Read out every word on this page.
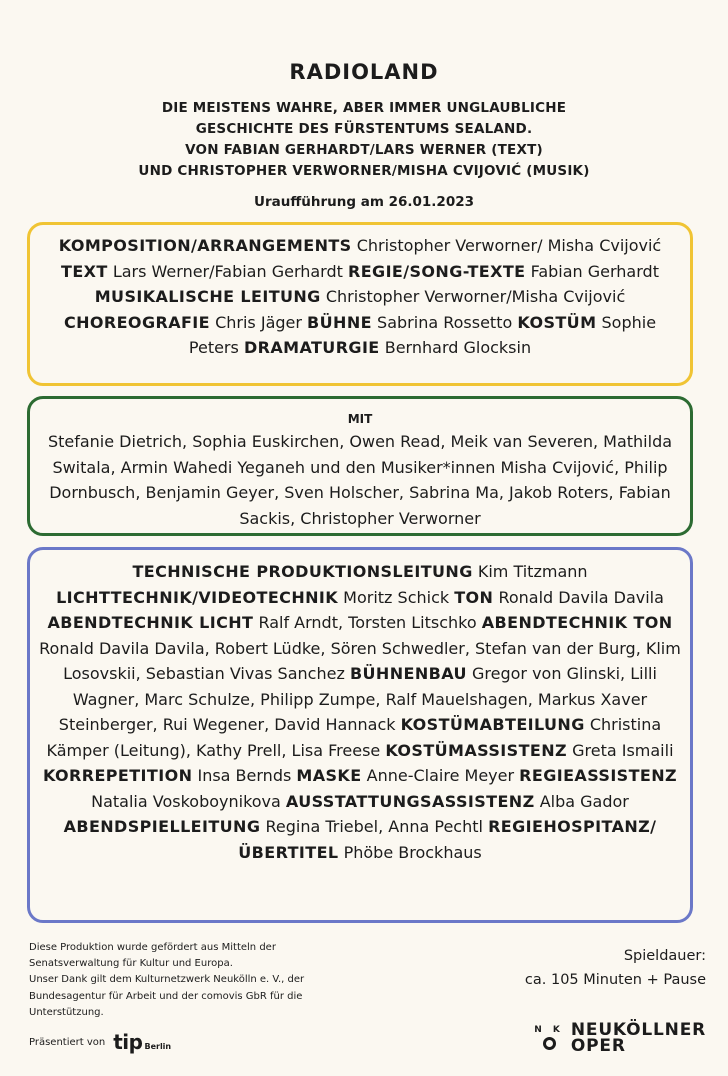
RADIOLAND
DIE MEISTENS WAHRE, ABER IMMER UNGLAUBLICHE
GESCHICHTE DES FÜRSTENTUMS SEALAND.
VON FABIAN GERHARDT/LARS WERNER (TEXT)
UND CHRISTOPHER VERWORNER/MISHA CVIJOVIĆ (MUSIK)
Uraufführung am 26.01.2023
KOMPOSITION/ARRANGEMENTS Christopher Verworner/ Misha Cvijović TEXT Lars Werner/Fabian Gerhardt REGIE/SONG-TEXTE Fabian Gerhardt MUSIKALISCHE LEITUNG Christopher Verworner/Misha Cvijović CHOREOGRAFIE Chris Jäger BÜHNE Sabrina Rossetto KOSTÜM Sophie Peters DRAMATURGIE Bernhard Glocksin
MIT
Stefanie Dietrich, Sophia Euskirchen, Owen Read, Meik van Severen, Mathilda Switala, Armin Wahedi Yeganeh und den Musiker*innen Misha Cvijović, Philip Dornbusch, Benjamin Geyer, Sven Holscher, Sabrina Ma, Jakob Roters, Fabian Sackis, Christopher Verworner
TECHNISCHE PRODUKTIONSLEITUNG Kim Titzmann LICHTTECHNIK/VIDEOTECHNIK Moritz Schick TON Ronald Davila Davila ABENDTECHNIK LICHT Ralf Arndt, Torsten Litschko ABENDTECHNIK TON Ronald Davila Davila, Robert Lüdke, Sören Schwedler, Stefan van der Burg, Klim Losovskii, Sebastian Vivas Sanchez BÜHNENBAU Gregor von Glinski, Lilli Wagner, Marc Schulze, Philipp Zumpe, Ralf Mauelshagen, Markus Xaver Steinberger, Rui Wegener, David Hannack KOSTÜMABTEILUNG Christina Kämper (Leitung), Kathy Prell, Lisa Freese KOSTÜMASSISTENZ Greta Ismaili KORREPETITION Insa Bernds MASKE Anne-Claire Meyer REGIEASSISTENZ Natalia Voskoboynikova AUSSTATTUNGSASSISTENZ Alba Gador ABENDSPIELLEITUNG Regina Triebel, Anna Pechtl REGIEHOSPITANZ/ÜBERTITEL Phöbe Brockhaus
Diese Produktion wurde gefördert aus Mitteln der
Senatsverwaltung für Kultur und Europa.
Unser Dank gilt dem Kulturnetzwerk Neukölln e. V., der
Bundesagentur für Arbeit und der comovis GbR für die
Unterstützung.
Präsentiert von tip Berlin
Spieldauer:
ca. 105 Minuten + Pause
N K NEUKÖLLNER
OPER
